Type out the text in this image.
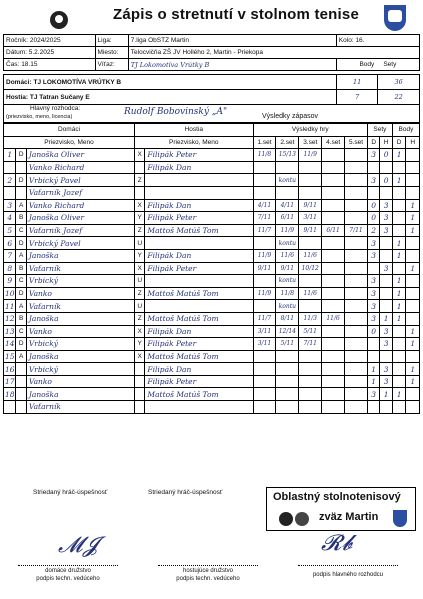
Zápis o stretnutí v stolnom tenise
Ročník: 2024/2025	Liga:	7.liga ObSTZ Martin	Kolo: 16.
Dátum: 5.2.2025	Miesto:	Telocvičňa ZŠ JV Hollého 2, Martin - Priekopa	
Čas: 18.15	Víťaz:	TJ Lokomotíva Vrútky B	Body Sety
Domáci: TJ LOKOMOTÍVA VRÚTKY B	11	36
Hostia: TJ Tatran Sučany E	7	22

Hlavný rozhodca:
(priezvisko, meno, licencia) Rudolf Bobovinský „A" Výsledky zápasov		
Domáci			Hostia		Výsledky hry					Sety		Body	
Priezvisko, Meno			Priezvisko, Meno		1.set	2.set	3.set	4.set	5.set	D	H	D	H
1	D	Janoška Oliver	X	Filipák Peter	11/8	15/13	11/9			3	0	1	
		Vanko Richard		Filipák Dan									
2	D	Vrbický Pavel	Z			kontu				3	0	1	
		Vaťarník Jozef											
3	A	Vanko Richard	X	Filipák Dan	4/11	4/11	9/11			0	3		1
4	B	Janoška Oliver	Y	Filipák Peter	7/11	6/11	3/11			0	3		1
5	C	Vaťarník Jozef	Z	Mattoš Matúš Tom	11/7	11/9	9/11	6/11	7/11	2	3		1
6	D	Vrbický Pavel	U			kontu				3		1	
7	A	Janoška	Y	Filipák Dan	11/9	11/6	11/6			3		1	
8	B	Vaťarník	X	Filipák Peter	9/11	9/11	10/12				3		1
9	C	Vrbický	U			kontu				3		1	
10	D	Vanko	Z	Mattoš Matúš Tom	11/9	11/8	11/6			3		1	
11	A	Vaťarník	U			kontu				3		1	
12	B	Janoška	Z	Mattoš Matúš Tom	11/7	8/11	11/3	11/6		3	1	1	
13	C	Vanko	X	Filipák Dan	3/11	12/14	5/11			0	3		1
14	D	Vrbický	Y	Filipák Peter	3/11	5/11	7/11				3		1
15	A	Janoška	X	Mattoš Matúš Tom									
16		Vrbický		Filipák Dan						1	3		1
17		Vanko		Filipák Peter						1	3		1
18		Janoška		Mattoš Matúš Tom						3	1	1	
		Vaťarník											
Striedaný hráč-úspešnosť	Striedaný hráč-úspešnosť	Oblastný stolnotenisový
zväz Martin
𝓜𝓙	𝓡𝓫
domáce družstvo
podpis techn. vedúceho
hostujúce družstvo
podpis techn. vedúceho
podpis hlavného rozhodcu
